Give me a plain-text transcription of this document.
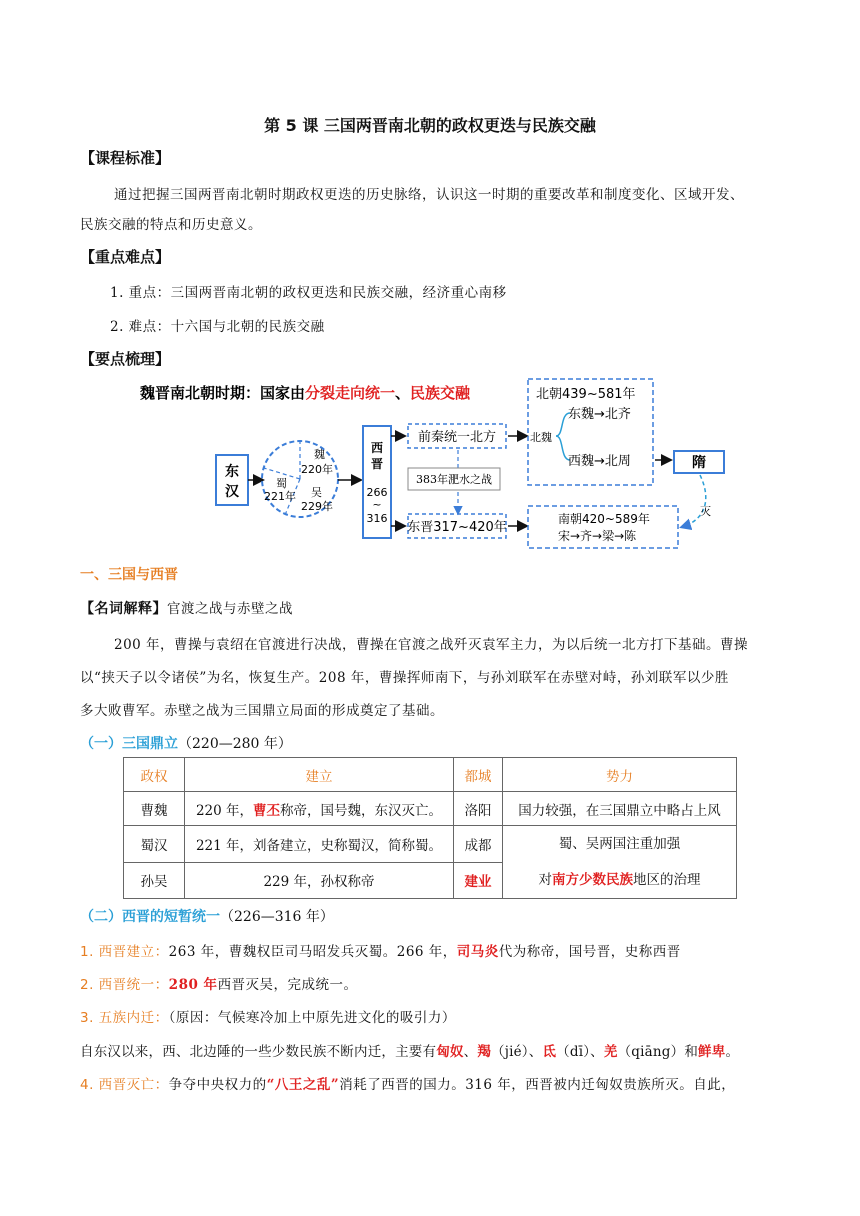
第 5 课 三国两晋南北朝的政权更迭与民族交融
【课程标准】
通过把握三国两晋南北朝时期政权更迭的历史脉络，认识这一时期的重要改革和制度变化、区域开发、
民族交融的特点和历史意义。
【重点难点】
1. 重点：三国两晋南北朝的政权更迭和民族交融，经济重心南移
2. 难点：十六国与北朝的民族交融
【要点梳理】
魏晋南北朝时期：国家由分裂走向统一、民族交融
东
汉
魏
220年
蜀
221年 吴
229年
西
晋
266
~
316
前秦统一北方
383年淝水之战
东晋317~420年
北朝439~581年
北魏
东魏→北齐
西魏→北周	隋
南朝420~589年
宋→齐→梁→陈
灭
一、三国与西晋
【名词解释】官渡之战与赤壁之战
200 年，曹操与袁绍在官渡进行决战，曹操在官渡之战歼灭袁军主力，为以后统一北方打下基础。曹操
以“挟天子以令诸侯”为名，恢复生产。208 年，曹操挥师南下，与孙刘联军在赤壁对峙，孙刘联军以少胜
多大败曹军。赤壁之战为三国鼎立局面的形成奠定了基础。
（一）三国鼎立（220—280 年）
政权	建立	都城	势力
曹魏	220 年，曹丕称帝，国号魏，东汉灭亡。	洛阳	国力较强，在三国鼎立中略占上风
蜀汉	221 年，刘备建立，史称蜀汉，简称蜀。	成都	蜀、吴两国注重加强
对南方少数民族地区的治理

孙吴	229 年，孙权称帝	建业	
（二）西晋的短暂统一（226—316 年）
1. 西晋建立：263 年，曹魏权臣司马昭发兵灭蜀。266 年，司马炎代为称帝，国号晋，史称西晋
2. 西晋统一：280 年西晋灭吴，完成统一。
3. 五族内迁：（原因：气候寒冷加上中原先进文化的吸引力）
自东汉以来，西、北边陲的一些少数民族不断内迁，主要有匈奴、羯（jié）、氐（dī）、羌（qiāng）和鲜卑。
4. 西晋灭亡：争夺中央权力的“八王之乱”消耗了西晋的国力。316 年，西晋被内迁匈奴贵族所灭。自此，
